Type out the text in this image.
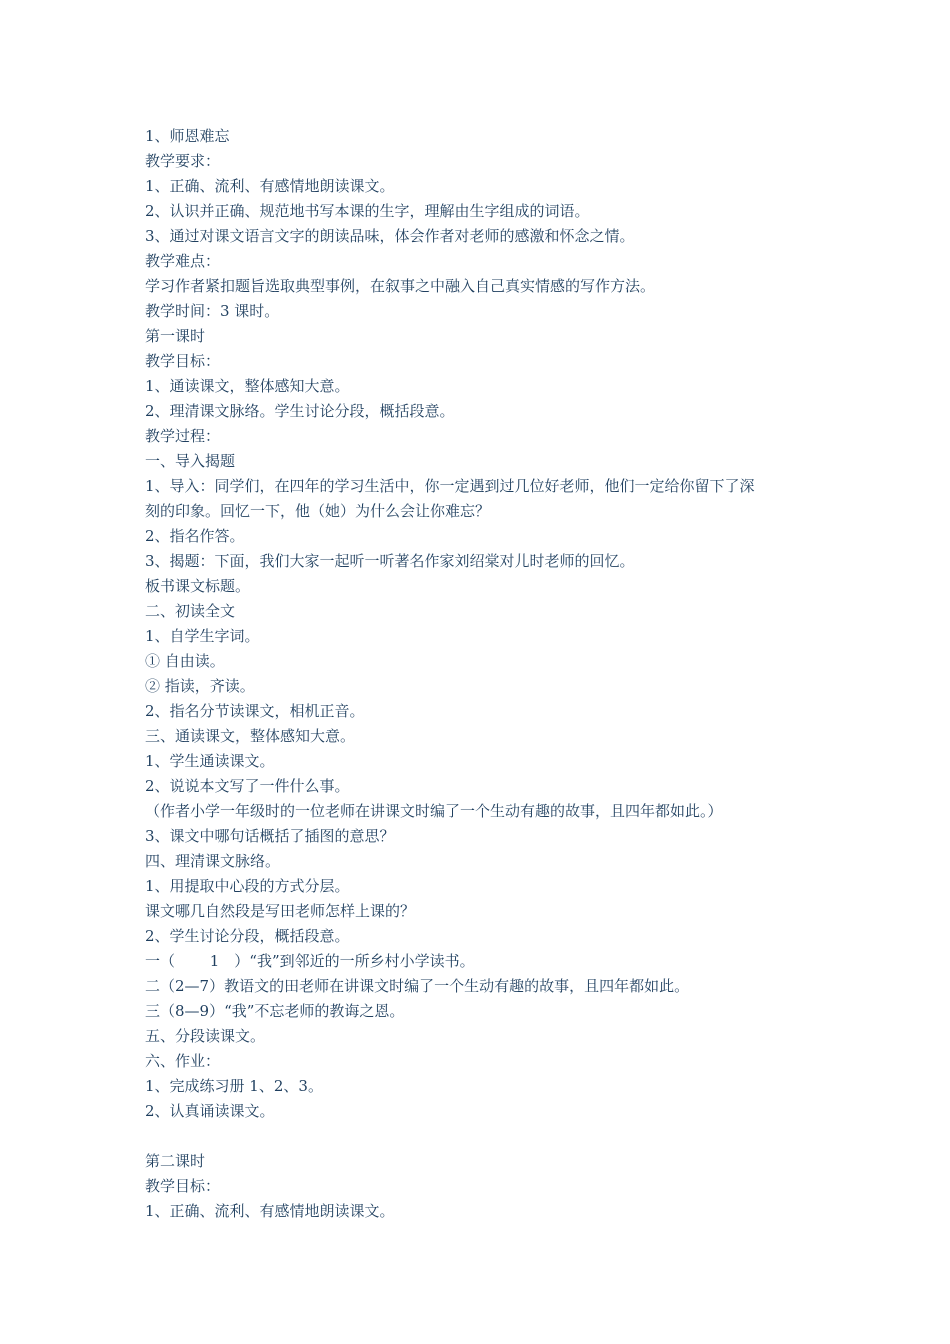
1、师恩难忘
教学要求：
1、正确、流利、有感情地朗读课文。
2、认识并正确、规范地书写本课的生字，理解由生字组成的词语。
3、通过对课文语言文字的朗读品味，体会作者对老师的感激和怀念之情。
教学难点：
学习作者紧扣题旨选取典型事例，在叙事之中融入自己真实情感的写作方法。
教学时间：3 课时。
第一课时
教学目标：
1、通读课文，整体感知大意。
2、理清课文脉络。学生讨论分段，概括段意。
教学过程：
一、导入揭题
1、导入：同学们，在四年的学习生活中，你一定遇到过几位好老师，他们一定给你留下了深
刻的印象。回忆一下，他（她）为什么会让你难忘？
2、指名作答。
3、揭题：下面，我们大家一起听一听著名作家刘绍棠对儿时老师的回忆。
板书课文标题。
二、初读全文
1、自学生字词。
① 自由读。
② 指读，齐读。
2、指名分节读课文，相机正音。
三、通读课文，整体感知大意。
1、学生通读课文。
2、说说本文写了一件什么事。
（作者小学一年级时的一位老师在讲课文时编了一个生动有趣的故事，且四年都如此。）
3、课文中哪句话概括了插图的意思？
四、理清课文脉络。
1、用提取中心段的方式分层。
课文哪几自然段是写田老师怎样上课的？
2、学生讨论分段，概括段意。
一（　　 1　）“我”到邻近的一所乡村小学读书。
二（2—7）教语文的田老师在讲课文时编了一个生动有趣的故事，且四年都如此。
三（8—9）“我”不忘老师的教诲之恩。
五、分段读课文。
六、作业：
1、完成练习册 1、2、3。
2、认真诵读课文。
第二课时
教学目标：
1、正确、流利、有感情地朗读课文。
